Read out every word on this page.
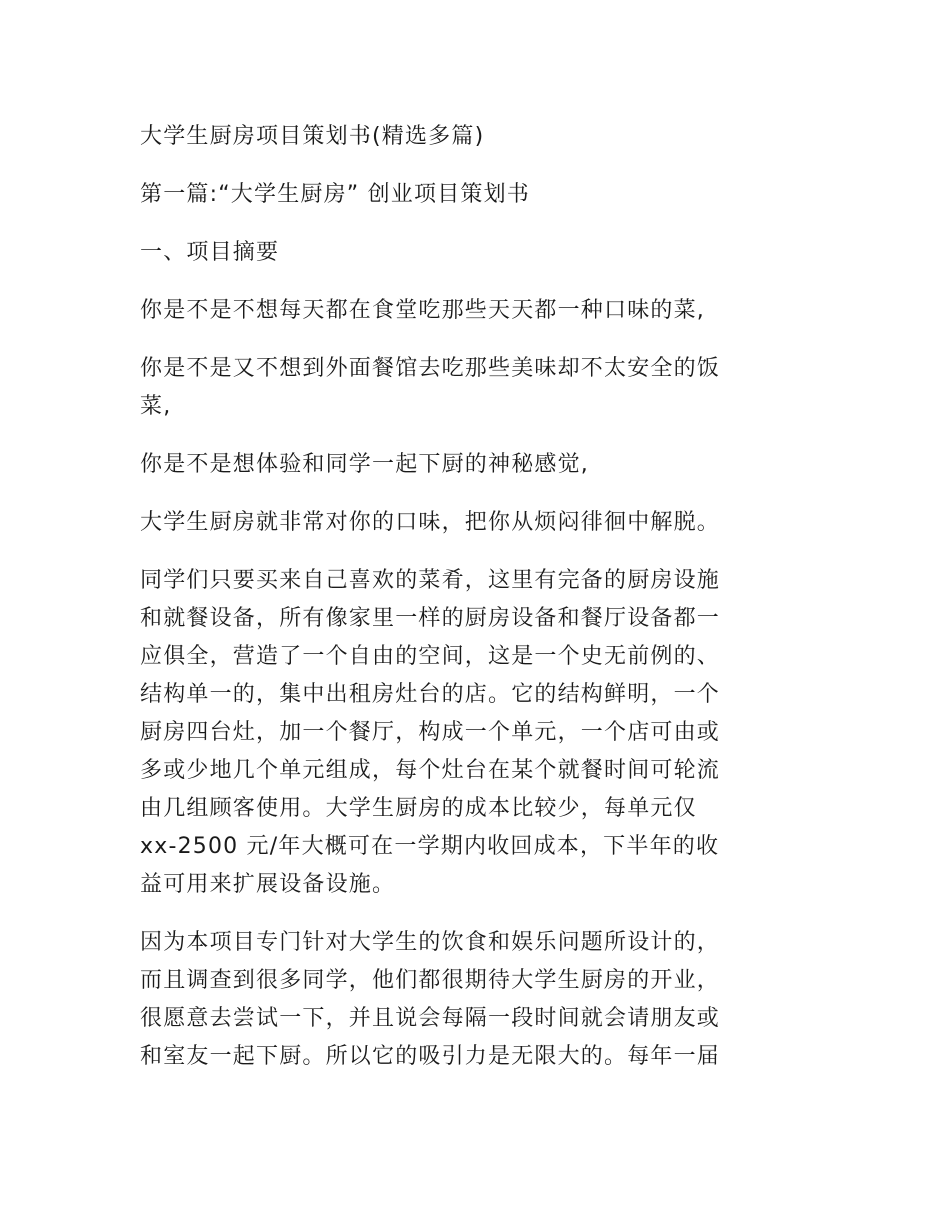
大学生厨房项目策划书(精选多篇)

第一篇:“大学生厨房” 创业项目策划书

一、项目摘要

你是不是不想每天都在食堂吃那些天天都一种口味的菜,

你是不是又不想到外面餐馆去吃那些美味却不太安全的饭

菜,

你是不是想体验和同学一起下厨的神秘感觉,

大学生厨房就非常对你的口味，把你从烦闷徘徊中解脱。

同学们只要买来自己喜欢的菜肴，这里有完备的厨房设施

和就餐设备，所有像家里一样的厨房设备和餐厅设备都一

应俱全，营造了一个自由的空间，这是一个史无前例的、

结构单一的，集中出租房灶台的店。它的结构鲜明，一个

厨房四台灶，加一个餐厅，构成一个单元，一个店可由或

多或少地几个单元组成，每个灶台在某个就餐时间可轮流

由几组顾客使用。大学生厨房的成本比较少，每单元仅

xx-2500 元/年大概可在一学期内收回成本，下半年的收

益可用来扩展设备设施。

因为本项目专门针对大学生的饮食和娱乐问题所设计的，

而且调查到很多同学，他们都很期待大学生厨房的开业，

很愿意去尝试一下，并且说会每隔一段时间就会请朋友或

和室友一起下厨。所以它的吸引力是无限大的。每年一届
